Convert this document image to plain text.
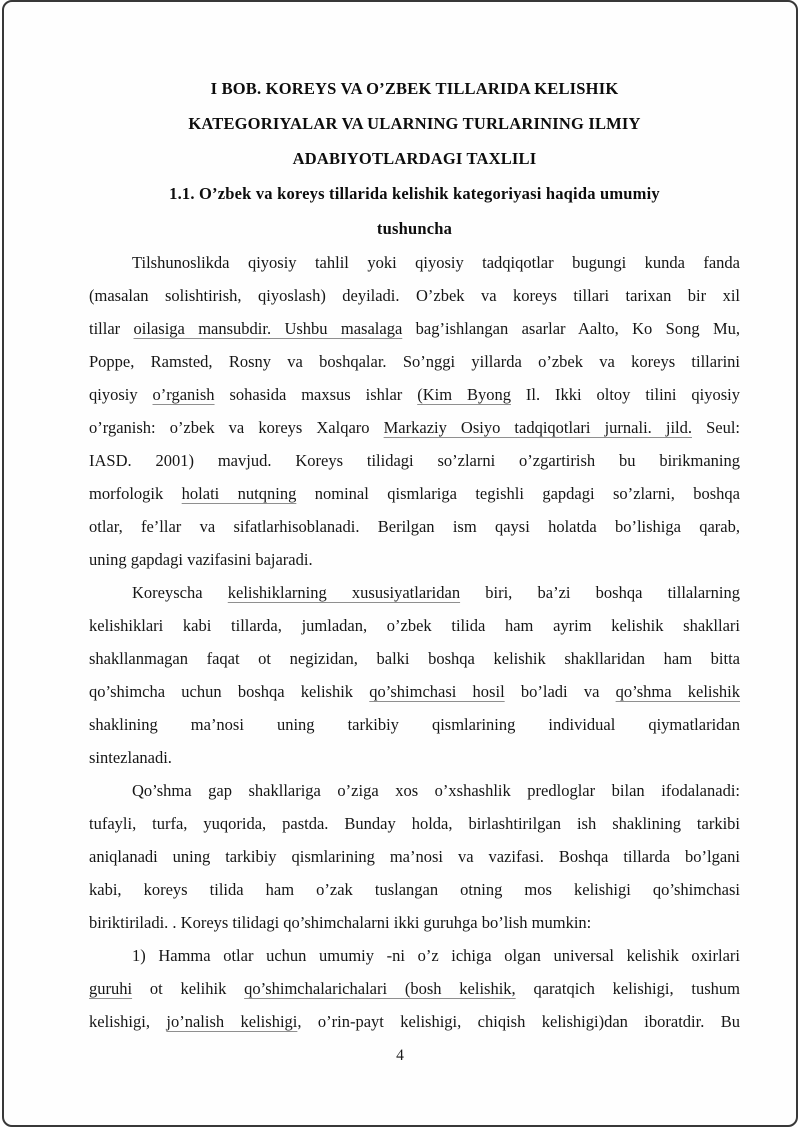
I BOB. KOREYS VA O’ZBEK TILLARIDA KELISHIK
KATEGORIYALAR VA ULARNING TURLARINING ILMIY
ADABIYOTLARDAGI TAXLILI
1.1. O’zbek va koreys tillarida kelishik kategoriyasi haqida umumiy
tushuncha
Tilshunoslikda qiyosiy tahlil yoki qiyosiy tadqiqotlar bugungi kunda fanda
(masalan solishtirish, qiyoslash) deyiladi. O’zbek va koreys tillari tarixan bir xil
tillar oilasiga mansubdir. Ushbu masalaga bag’ishlangan asarlar Aalto, Ko Song Mu,
Poppe, Ramsted, Rosny va boshqalar. So’nggi yillarda o’zbek va koreys tillarini
qiyosiy o’rganish sohasida maxsus ishlar (Kim Byong Il. Ikki oltoy tilini qiyosiy
o’rganish: o’zbek va koreys Xalqaro Markaziy Osiyo tadqiqotlari jurnali. jild. Seul:
IASD. 2001) mavjud. Koreys tilidagi so’zlarni o’zgartirish bu birikmaning
morfologik holati nutqning nominal qismlariga tegishli gapdagi so’zlarni, boshqa
otlar, fe’llar va sifatlarhisoblanadi. Berilgan ism qaysi holatda bo’lishiga qarab,
uning gapdagi vazifasini bajaradi.
Koreyscha kelishiklarning xususiyatlaridan biri, ba’zi boshqa tillalarning
kelishiklari kabi tillarda, jumladan, o’zbek tilida ham ayrim kelishik shakllari
shakllanmagan faqat ot negizidan, balki boshqa kelishik shakllaridan ham bitta
qo’shimcha uchun boshqa kelishik qo’shimchasi hosil bo’ladi va qo’shma kelishik
shaklining ma’nosi uning tarkibiy qismlarining individual qiymatlaridan
sintezlanadi.
Qo’shma gap shakllariga o’ziga xos o’xshashlik predloglar bilan ifodalanadi:
tufayli, turfa, yuqorida, pastda. Bunday holda, birlashtirilgan ish shaklining tarkibi
aniqlanadi uning tarkibiy qismlarining ma’nosi va vazifasi. Boshqa tillarda bo’lgani
kabi, koreys tilida ham o’zak tuslangan otning mos kelishigi qo’shimchasi
biriktiriladi. . Koreys tilidagi qo’shimchalarni ikki guruhga bo’lish mumkin:
1) Hamma otlar uchun umumiy -ni o’z ichiga olgan universal kelishik oxirlari
guruhi ot kelihik qo’shimchalarichalari (bosh kelishik, qaratqich kelishigi, tushum
kelishigi, jo’nalish kelishigi, o’rin-payt kelishigi, chiqish kelishigi)dan iboratdir. Bu
4
